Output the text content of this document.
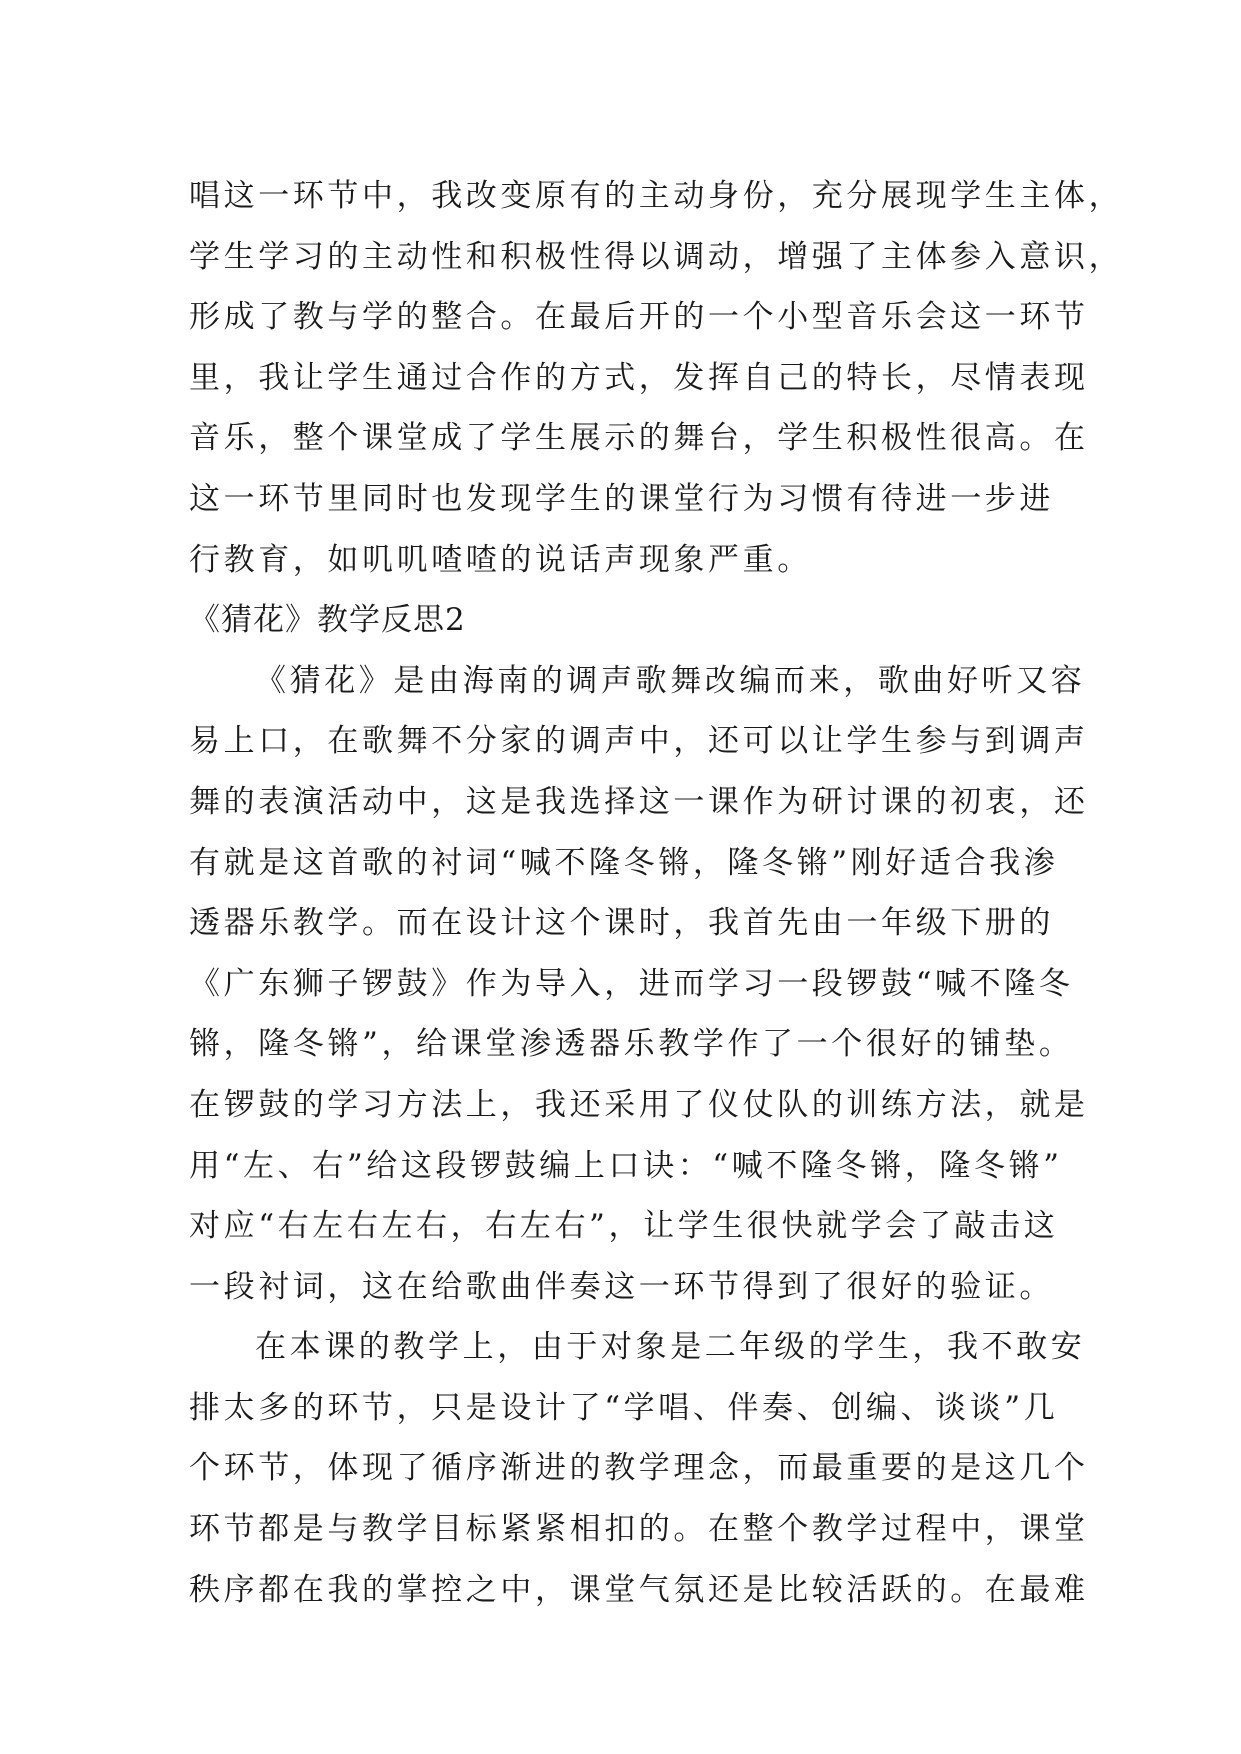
唱这一环节中，我改变原有的主动身份，充分展现学生主体，
学生学习的主动性和积极性得以调动，增强了主体参入意识，
形成了教与学的整合。在最后开的一个小型音乐会这一环节
里，我让学生通过合作的方式，发挥自己的特长，尽情表现
音乐，整个课堂成了学生展示的舞台，学生积极性很高。在
这一环节里同时也发现学生的课堂行为习惯有待进一步进
行教育，如叽叽喳喳的说话声现象严重。
《猜花》教学反思2
《猜花》是由海南的调声歌舞改编而来，歌曲好听又容
易上口，在歌舞不分家的调声中，还可以让学生参与到调声
舞的表演活动中，这是我选择这一课作为研讨课的初衷，还
有就是这首歌的衬词“喊不隆冬锵，隆冬锵”刚好适合我渗
透器乐教学。而在设计这个课时，我首先由一年级下册的
《广东狮子锣鼓》作为导入，进而学习一段锣鼓“喊不隆冬
锵，隆冬锵”，给课堂渗透器乐教学作了一个很好的铺垫。
在锣鼓的学习方法上，我还采用了仪仗队的训练方法，就是
用“左、右”给这段锣鼓编上口诀：“喊不隆冬锵，隆冬锵”
对应“右左右左右，右左右”，让学生很快就学会了敲击这
一段衬词，这在给歌曲伴奏这一环节得到了很好的验证。
在本课的教学上，由于对象是二年级的学生，我不敢安
排太多的环节，只是设计了“学唱、伴奏、创编、谈谈”几
个环节，体现了循序渐进的教学理念，而最重要的是这几个
环节都是与教学目标紧紧相扣的。在整个教学过程中，课堂
秩序都在我的掌控之中，课堂气氛还是比较活跃的。在最难
